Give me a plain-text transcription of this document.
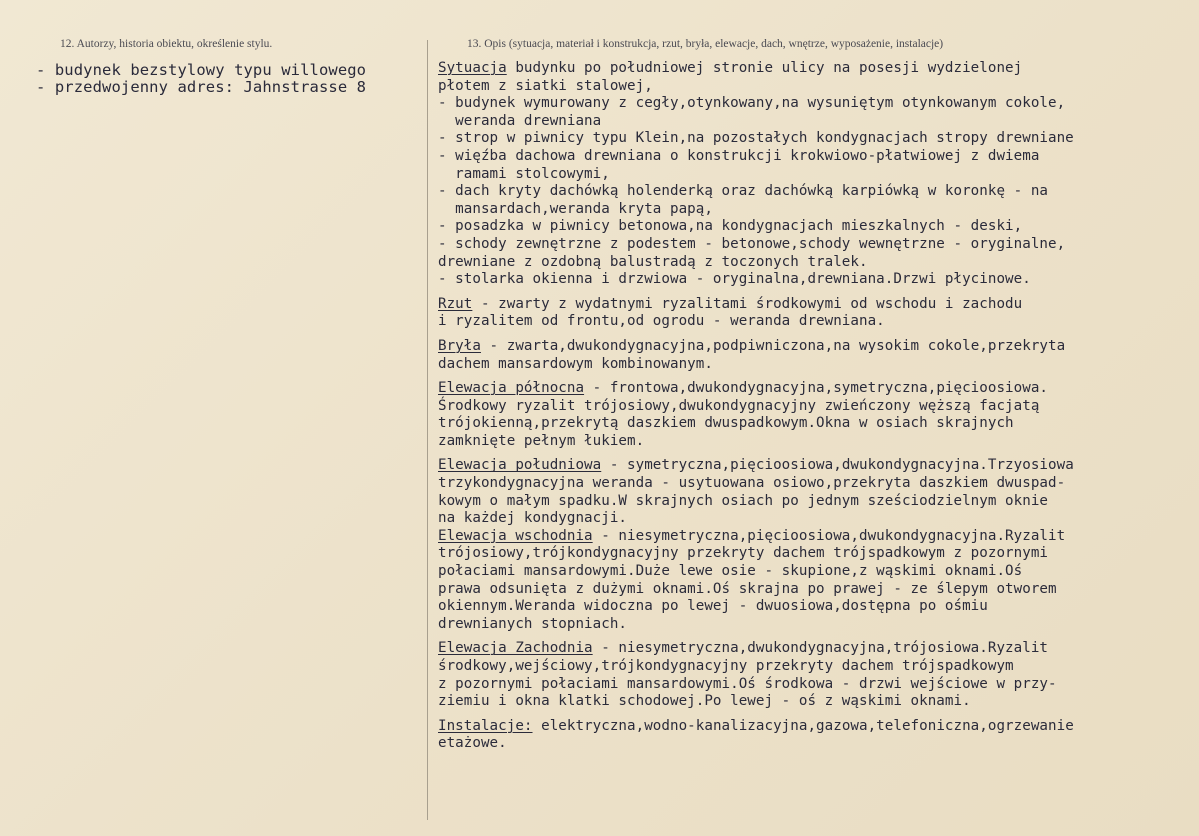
12. Autorzy, historia obiektu, określenie stylu.	13. Opis (sytuacja, materiał i konstrukcja, rzut, bryła, elewacje, dach, wnętrze, wyposażenie, instalacje)
- budynek bezstylowy typu willowego
- przedwojenny adres: Jahnstrasse 8
Sytuacja budynku po południowej stronie ulicy na posesji wydzielonej
płotem z siatki stalowej,
- budynek wymurowany z cegły,otynkowany,na wysuniętym otynkowanym cokole,
weranda drewniana
- strop w piwnicy typu Klein,na pozostałych kondygnacjach stropy drewniane
- więźba dachowa drewniana o konstrukcji krokwiowo-płatwiowej z dwiema
ramami stolcowymi,
- dach kryty dachówką holenderką oraz dachówką karpiówką w koronkę - na
mansardach,weranda kryta papą,
- posadzka w piwnicy betonowa,na kondygnacjach mieszkalnych - deski,
- schody zewnętrzne z podestem - betonowe,schody wewnętrzne - oryginalne,
drewniane z ozdobną balustradą z toczonych tralek.
- stolarka okienna i drzwiowa - oryginalna,drewniana.Drzwi płycinowe.
Rzut - zwarty z wydatnymi ryzalitami środkowymi od wschodu i zachodu
i ryzalitem od frontu,od ogrodu - weranda drewniana.
Bryła - zwarta,dwukondygnacyjna,podpiwniczona,na wysokim cokole,przekryta
dachem mansardowym kombinowanym.
Elewacja północna - frontowa,dwukondygnacyjna,symetryczna,pięcioosiowa.
Środkowy ryzalit trójosiowy,dwukondygnacyjny zwieńczony węższą facjatą
trójokienną,przekrytą daszkiem dwuspadkowym.Okna w osiach skrajnych
zamknięte pełnym łukiem.
Elewacja południowa - symetryczna,pięcioosiowa,dwukondygnacyjna.Trzyosiowa
trzykondygnacyjna weranda - usytuowana osiowo,przekryta daszkiem dwuspad-
kowym o małym spadku.W skrajnych osiach po jednym sześciodzielnym oknie
na każdej kondygnacji.
Elewacja wschodnia - niesymetryczna,pięcioosiowa,dwukondygnacyjna.Ryzalit
trójosiowy,trójkondygnacyjny przekryty dachem trójspadkowym z pozornymi
połaciami mansardowymi.Duże lewe osie - skupione,z wąskimi oknami.Oś
prawa odsunięta z dużymi oknami.Oś skrajna po prawej - ze ślepym otworem
okiennym.Weranda widoczna po lewej - dwuosiowa,dostępna po ośmiu
drewnianych stopniach.
Elewacja Zachodnia - niesymetryczna,dwukondygnacyjna,trójosiowa.Ryzalit
środkowy,wejściowy,trójkondygnacyjny przekryty dachem trójspadkowym
z pozornymi połaciami mansardowymi.Oś środkowa - drzwi wejściowe w przy-
ziemiu i okna klatki schodowej.Po lewej - oś z wąskimi oknami.
Instalacje: elektryczna,wodno-kanalizacyjna,gazowa,telefoniczna,ogrzewanie
etażowe.
